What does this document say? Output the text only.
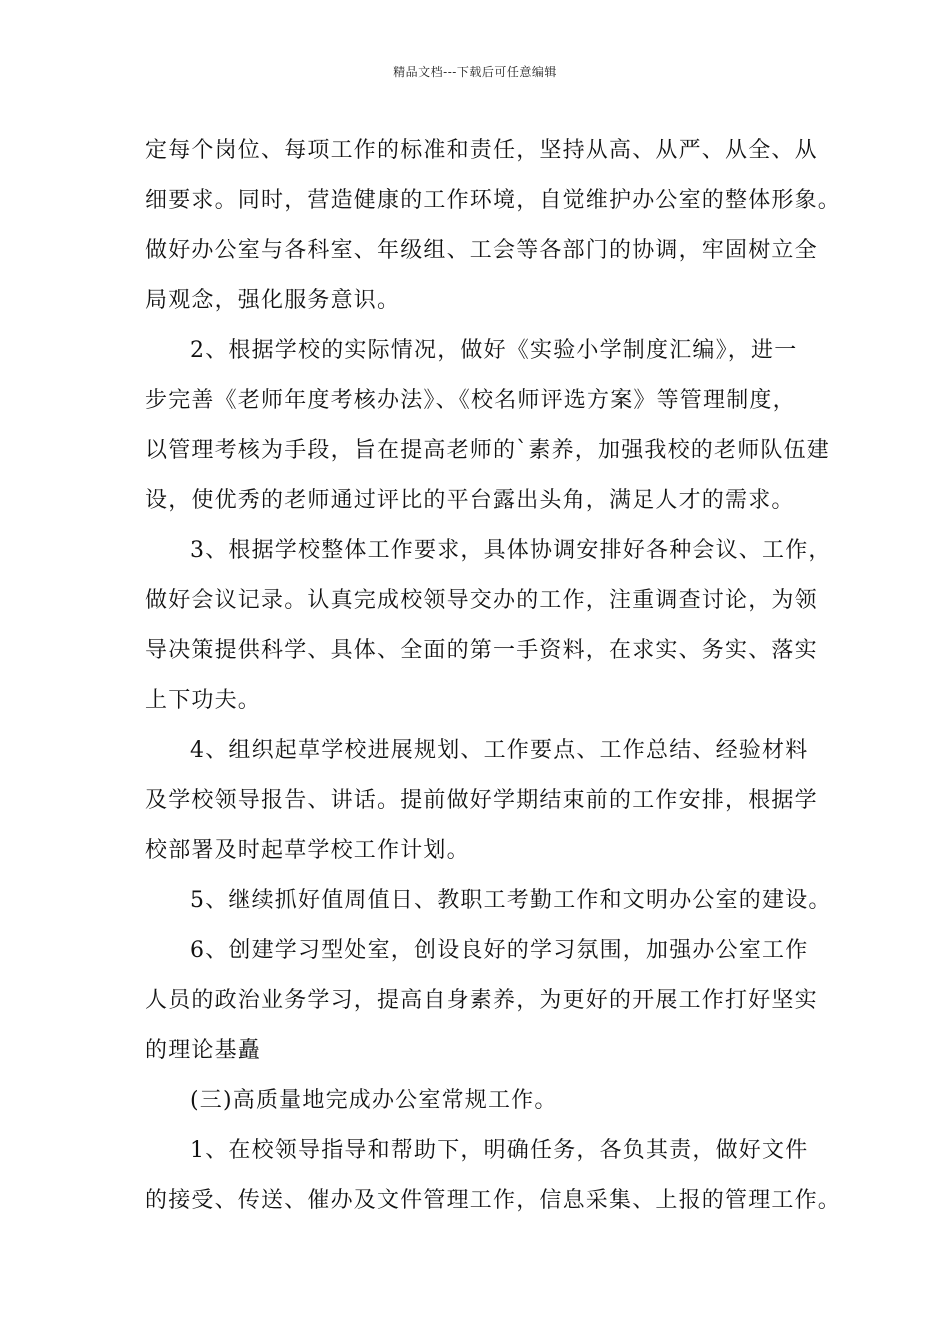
精品文档---下载后可任意编辑
定每个岗位、每项工作的标准和责任，坚持从高、从严、从全、从
细要求。同时，营造健康的工作环境，自觉维护办公室的整体形象。
做好办公室与各科室、年级组、工会等各部门的协调，牢固树立全
局观念，强化服务意识。
2、根据学校的实际情况，做好《实验小学制度汇编》，进一
步完善《老师年度考核办法》、《校名师评选方案》等管理制度，
以管理考核为手段，旨在提高老师的`素养，加强我校的老师队伍建
设，使优秀的老师通过评比的平台露出头角，满足人才的需求。
3、根据学校整体工作要求，具体协调安排好各种会议、工作，
做好会议记录。认真完成校领导交办的工作，注重调查讨论，为领
导决策提供科学、具体、全面的第一手资料，在求实、务实、落实
上下功夫。
4、组织起草学校进展规划、工作要点、工作总结、经验材料
及学校领导报告、讲话。提前做好学期结束前的工作安排，根据学
校部署及时起草学校工作计划。
5、继续抓好值周值日、教职工考勤工作和文明办公室的建设。
6、创建学习型处室，创设良好的学习氛围，加强办公室工作
人员的政治业务学习，提高自身素养，为更好的开展工作打好坚实
的理论基矗
(三)高质量地完成办公室常规工作。
1、在校领导指导和帮助下，明确任务，各负其责，做好文件
的接受、传送、催办及文件管理工作，信息采集、上报的管理工作。
